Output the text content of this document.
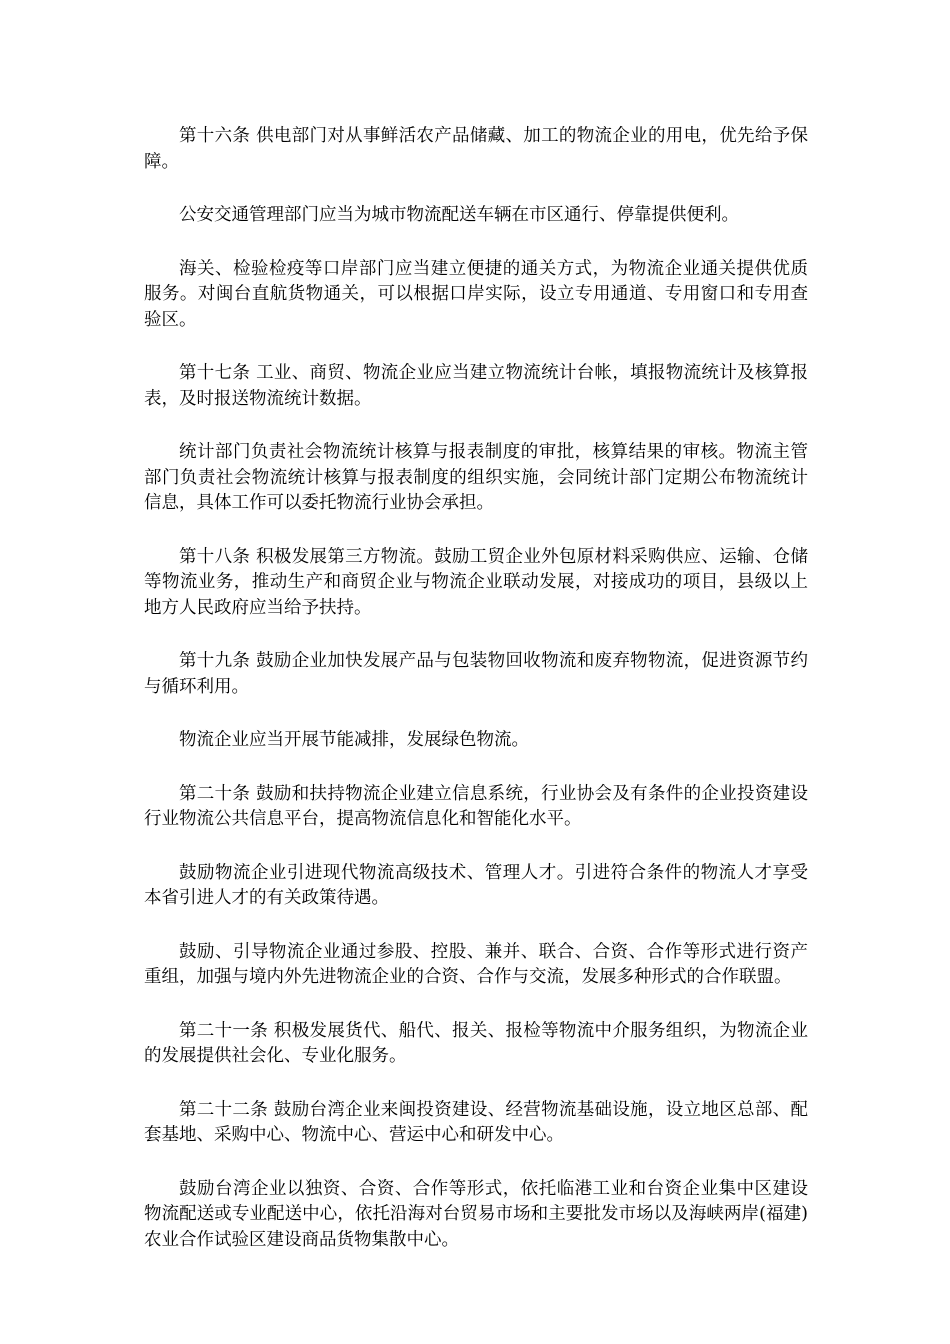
第十六条 供电部门对从事鲜活农产品储藏、加工的物流企业的用电，优先给予保障。

公安交通管理部门应当为城市物流配送车辆在市区通行、停靠提供便利。

海关、检验检疫等口岸部门应当建立便捷的通关方式，为物流企业通关提供优质服务。对闽台直航货物通关，可以根据口岸实际，设立专用通道、专用窗口和专用查验区。

第十七条 工业、商贸、物流企业应当建立物流统计台帐，填报物流统计及核算报表，及时报送物流统计数据。

统计部门负责社会物流统计核算与报表制度的审批，核算结果的审核。物流主管部门负责社会物流统计核算与报表制度的组织实施，会同统计部门定期公布物流统计信息，具体工作可以委托物流行业协会承担。

第十八条 积极发展第三方物流。鼓励工贸企业外包原材料采购供应、运输、仓储等物流业务，推动生产和商贸企业与物流企业联动发展，对接成功的项目，县级以上地方人民政府应当给予扶持。

第十九条 鼓励企业加快发展产品与包装物回收物流和废弃物物流，促进资源节约与循环利用。

物流企业应当开展节能减排，发展绿色物流。

第二十条 鼓励和扶持物流企业建立信息系统，行业协会及有条件的企业投资建设行业物流公共信息平台，提高物流信息化和智能化水平。

鼓励物流企业引进现代物流高级技术、管理人才。引进符合条件的物流人才享受本省引进人才的有关政策待遇。

鼓励、引导物流企业通过参股、控股、兼并、联合、合资、合作等形式进行资产重组，加强与境内外先进物流企业的合资、合作与交流，发展多种形式的合作联盟。

第二十一条 积极发展货代、船代、报关、报检等物流中介服务组织，为物流企业的发展提供社会化、专业化服务。

第二十二条 鼓励台湾企业来闽投资建设、经营物流基础设施，设立地区总部、配套基地、采购中心、物流中心、营运中心和研发中心。

鼓励台湾企业以独资、合资、合作等形式，依托临港工业和台资企业集中区建设物流配送或专业配送中心，依托沿海对台贸易市场和主要批发市场以及海峡两岸(福建)农业合作试验区建设商品货物集散中心。
